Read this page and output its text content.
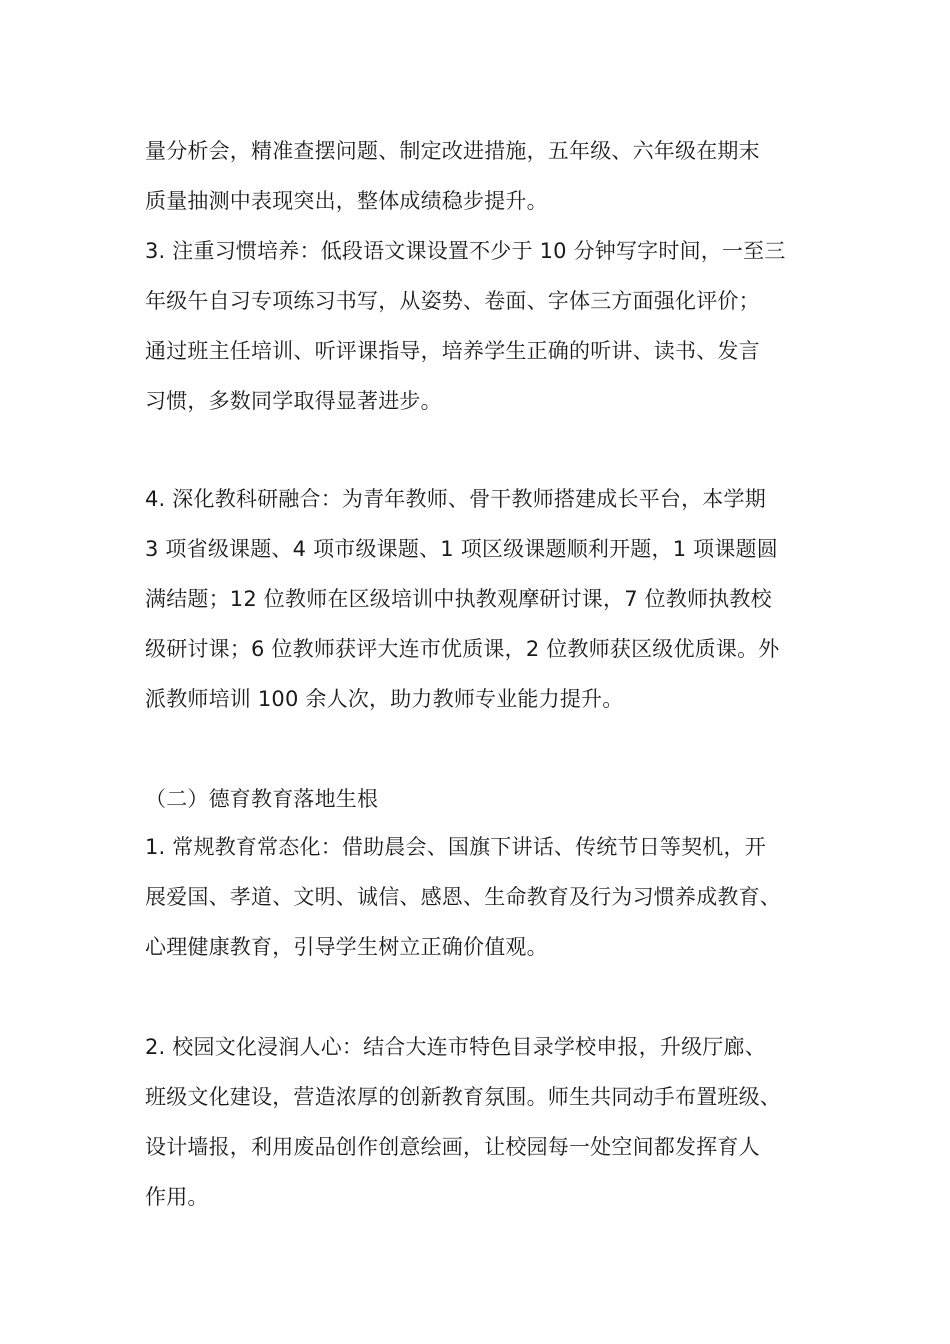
量分析会，精准查摆问题、制定改进措施，五年级、六年级在期末
质量抽测中表现突出，整体成绩稳步提升。
3. 注重习惯培养：低段语文课设置不少于 10 分钟写字时间，一至三
年级午自习专项练习书写，从姿势、卷面、字体三方面强化评价；
通过班主任培训、听评课指导，培养学生正确的听讲、读书、发言
习惯，多数同学取得显著进步。
4. 深化教科研融合：为青年教师、骨干教师搭建成长平台，本学期
3 项省级课题、4 项市级课题、1 项区级课题顺利开题，1 项课题圆
满结题；12 位教师在区级培训中执教观摩研讨课，7 位教师执教校
级研讨课；6 位教师获评大连市优质课，2 位教师获区级优质课。外
派教师培训 100 余人次，助力教师专业能力提升。
（二）德育教育落地生根
1. 常规教育常态化：借助晨会、国旗下讲话、传统节日等契机，开
展爱国、孝道、文明、诚信、感恩、生命教育及行为习惯养成教育、
心理健康教育，引导学生树立正确价值观。
2. 校园文化浸润人心：结合大连市特色目录学校申报，升级厅廊、
班级文化建设，营造浓厚的创新教育氛围。师生共同动手布置班级、
设计墙报，利用废品创作创意绘画，让校园每一处空间都发挥育人
作用。
